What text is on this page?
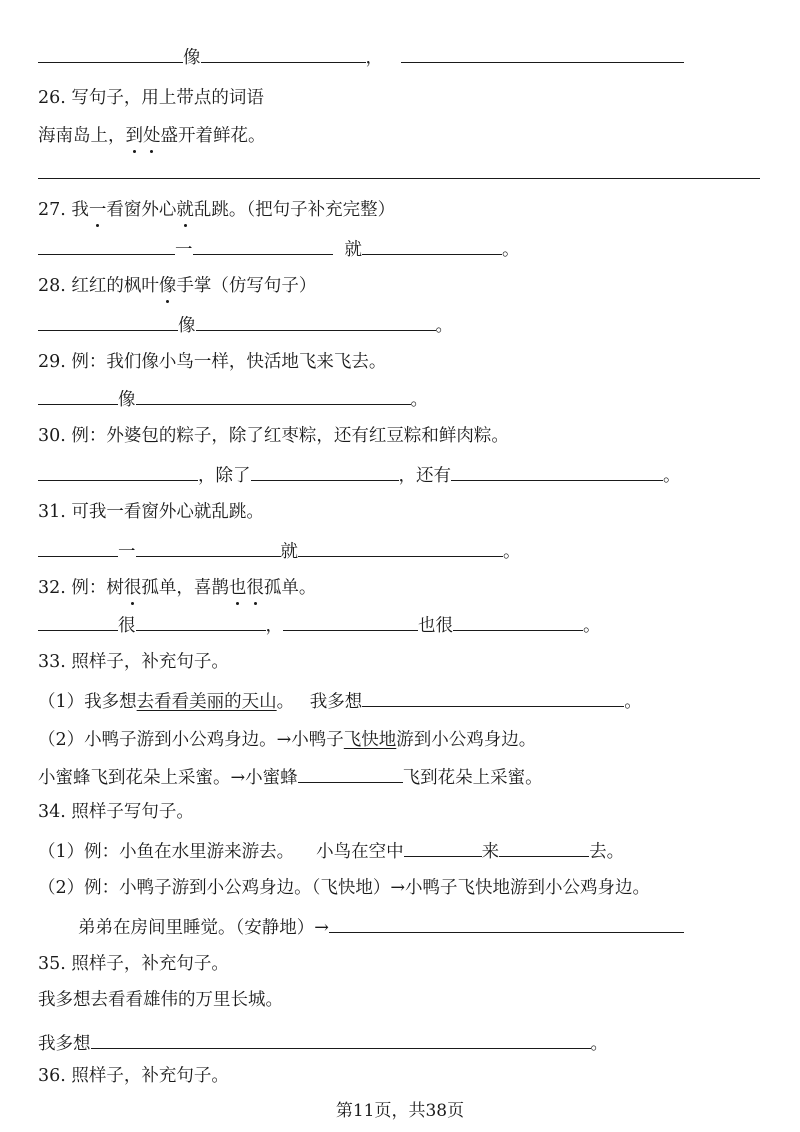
像	，
26. 写句子，用上带点的词语
海南岛上，到处盛开着鲜花。
27. 我一看窗外心就乱跳。（把句子补充完整）
一	就	。
28. 红红的枫叶像手掌（仿写句子）
像	。
29. 例：我们像小鸟一样，快活地飞来飞去。
像	。
30. 例：外婆包的粽子，除了红枣粽，还有红豆粽和鲜肉粽。
，除了	，还有	。
31. 可我一看窗外心就乱跳。
一	就	。
32. 例：树很孤单，喜鹊也很孤单。
很	，	也很	。
33. 照样子，补充句子。
（1）我多想去看看美丽的天山。 我多想	。
（2）小鸭子游到小公鸡身边。→小鸭子飞快地游到小公鸡身边。
小蜜蜂飞到花朵上采蜜。→小蜜蜂	飞到花朵上采蜜。
34. 照样子写句子。
（1）例：小鱼在水里游来游去。 小鸟在空中	来	去。
（2）例：小鸭子游到小公鸡身边。（飞快地）→小鸭子飞快地游到小公鸡身边。
弟弟在房间里睡觉。（安静地）→
35. 照样子，补充句子。
我多想去看看雄伟的万里长城。
我多想	。
36. 照样子，补充句子。
第11页，共38页
